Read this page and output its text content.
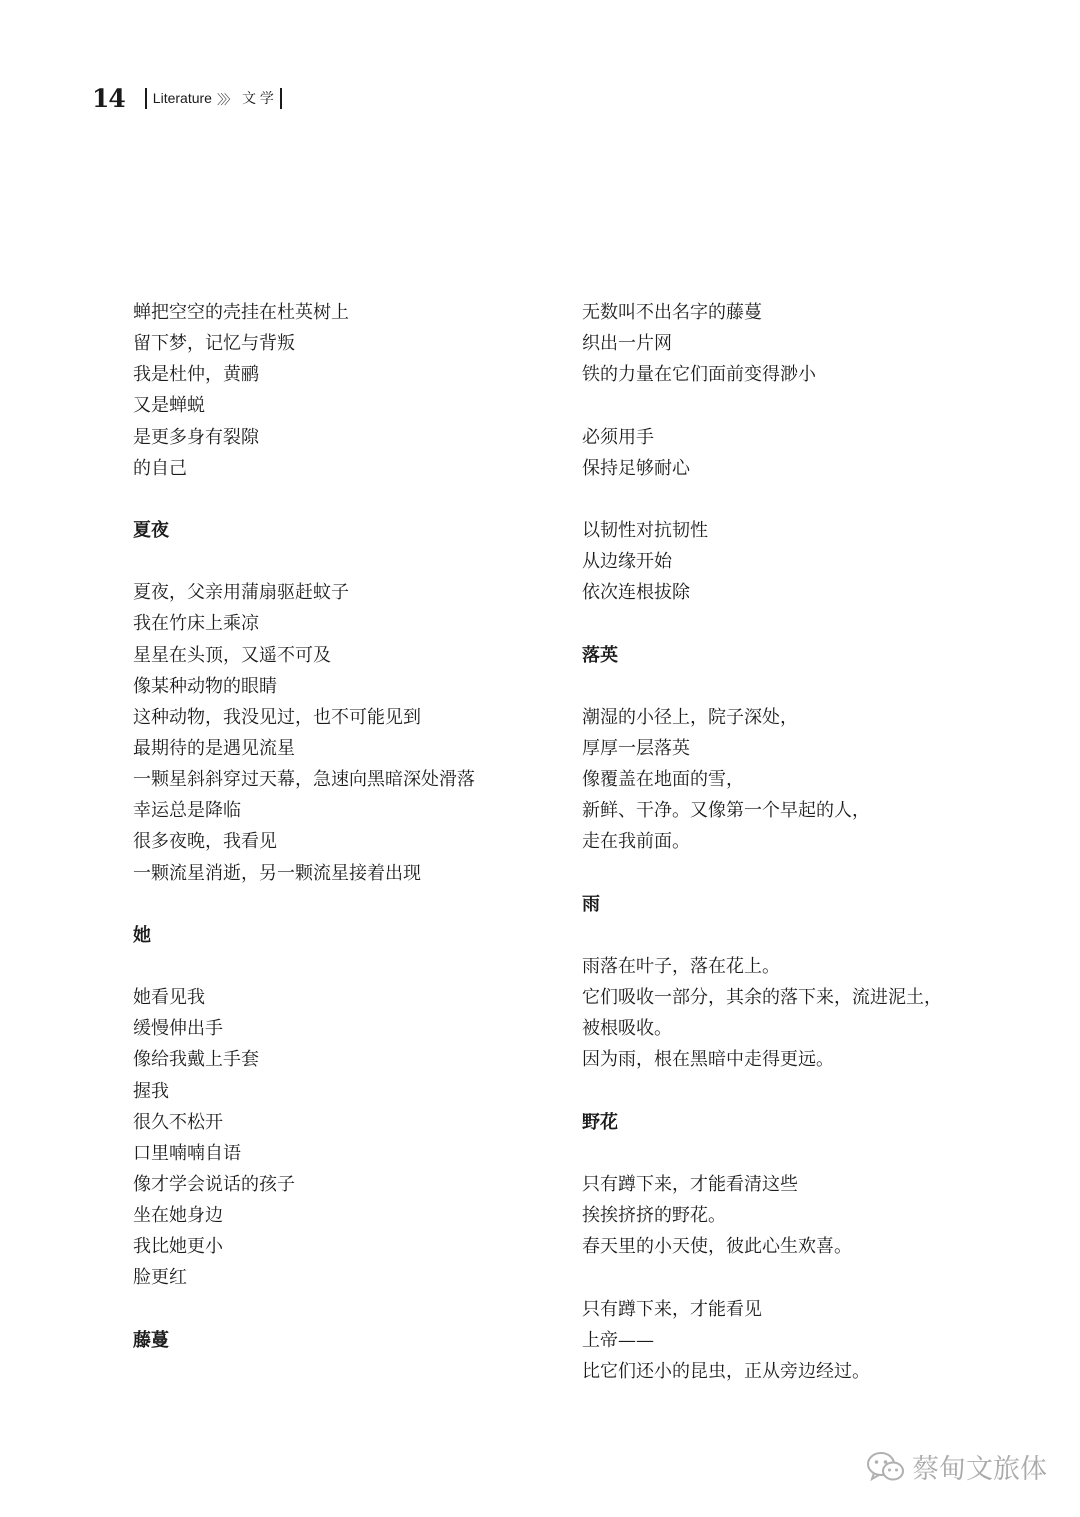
14 Literature 〉〉〉 文 学
蝉把空空的壳挂在杜英树上
留下梦，记忆与背叛
我是杜仲，黄鹂
又是蝉蜕
是更多身有裂隙
的自己
夏夜
夏夜，父亲用蒲扇驱赶蚊子
我在竹床上乘凉
星星在头顶，又遥不可及
像某种动物的眼睛
这种动物，我没见过，也不可能见到
最期待的是遇见流星
一颗星斜斜穿过天幕，急速向黑暗深处滑落
幸运总是降临
很多夜晚，我看见
一颗流星消逝，另一颗流星接着出现
她
她看见我
缓慢伸出手
像给我戴上手套
握我
很久不松开
口里喃喃自语
像才学会说话的孩子
坐在她身边
我比她更小
脸更红
藤蔓
无数叫不出名字的藤蔓
织出一片网
铁的力量在它们面前变得渺小
必须用手
保持足够耐心
以韧性对抗韧性
从边缘开始
依次连根拔除
落英
潮湿的小径上，院子深处，
厚厚一层落英
像覆盖在地面的雪，
新鲜、干净。又像第一个早起的人，
走在我前面。
雨
雨落在叶子，落在花上。
它们吸收一部分，其余的落下来，流进泥土，
被根吸收。
因为雨，根在黑暗中走得更远。
野花
只有蹲下来，才能看清这些
挨挨挤挤的野花。
春天里的小天使，彼此心生欢喜。
只有蹲下来，才能看见
上帝——
比它们还小的昆虫，正从旁边经过。
蔡甸文旅体
